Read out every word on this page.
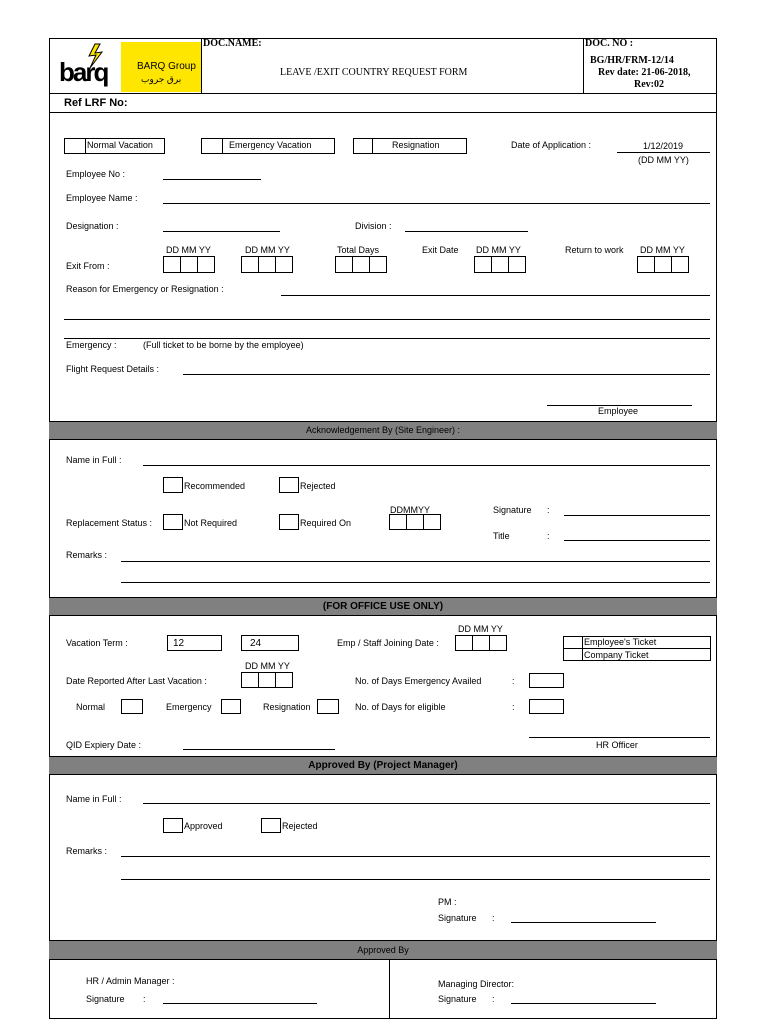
barq	BARQ Group
برق جروب
DOC.NAME:
LEAVE /EXIT COUNTRY REQUEST FORM
DOC. NO :
BG/HR/FRM-12/14
Rev date: 21-06-2018,
Rev:02
Ref LRF No:
Normal Vacation	Emergency Vacation	Resignation	Date of Application :	1/12/2019
(DD MM YY)
Employee No :
Employee Name :
Designation :	Division :
DD MM YY	DD MM YY	Total Days	Exit Date DD MM YY	Return to work DD MM YY
Exit From :
Reason for Emergency or Resignation :
Emergency :	(Full ticket to be borne by the employee)
Flight Request Details :
Employee
Acknowledgement By (Site Engineer) :
Name in Full :
Recommended	Rejected
DDMMYY	Signature :
Replacement Status :	Not Required	Required On
Title	:
Remarks :
(FOR OFFICE USE ONLY)
DD MM YY
Vacation Term :	12	24	Emp / Staff Joining Date :	Employee's Ticket
Company Ticket
DD MM YY
Date Reported After Last Vacation :	No. of Days Emergency Availed	:
Normal	Emergency	Resignation	No. of Days for eligible	:
QID Expiery Date :	HR Officer
Approved By (Project Manager)
Name in Full :
Approved	Rejected
Remarks :
PM :
Signature :
Approved By
HR / Admin Manager :
Signature :
Managing Director:
Signature :
